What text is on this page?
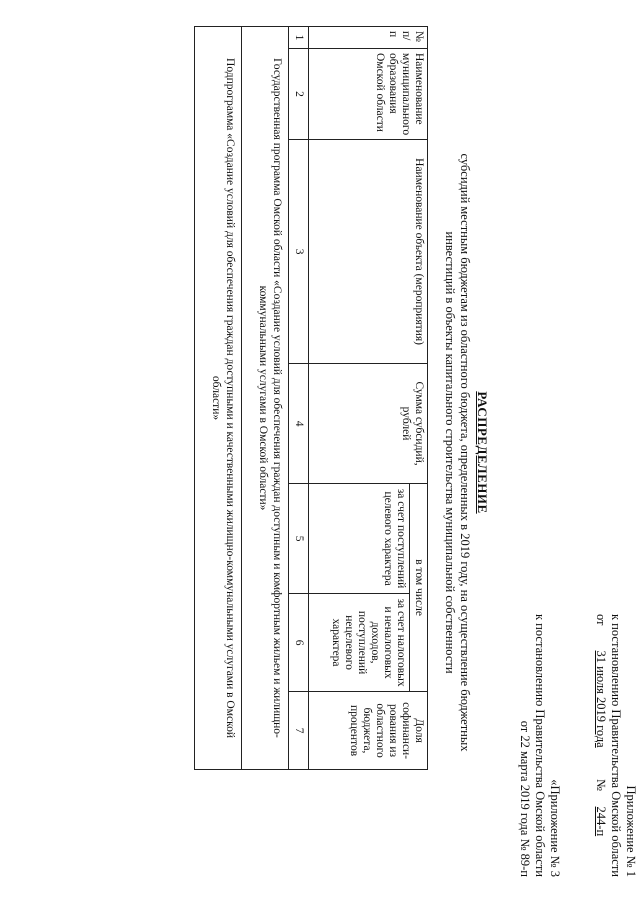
Приложение № 1
к постановлению Правительства Омской области
от        31 июля 2019 года          №     244-п
«Приложение № 3
к постановлению Правительства Омской области
от 22 марта 2019 года № 89-п
РАСПРЕДЕЛЕНИЕ
субсидий местным бюджетам из областного бюджета, определенных в 2019 году, на осуществление бюджетных
инвестиций в объекты капитального строительства муниципальной собственности
№ п/п	Наименование муниципального образования Омской области	Наименование объекта (мероприятия)	Сумма субсидий, рублей	в том числе		Доля софинанси-рования из областного бюджета, процентов	
				за счет поступлений целевого характера	за счет налоговых и неналоговых доходов, поступлений нецелевого характера		
1	2	3	4	5	6	7	
Государственная программа Омской области «Создание условий для обеспечения граждан доступным и комфортным жильем и жилищно-коммунальными услугами в Омской области»							
Подпрограмма «Создание условий для обеспечения граждан доступными и качественными жилищно-коммунальными услугами в Омской области»							
